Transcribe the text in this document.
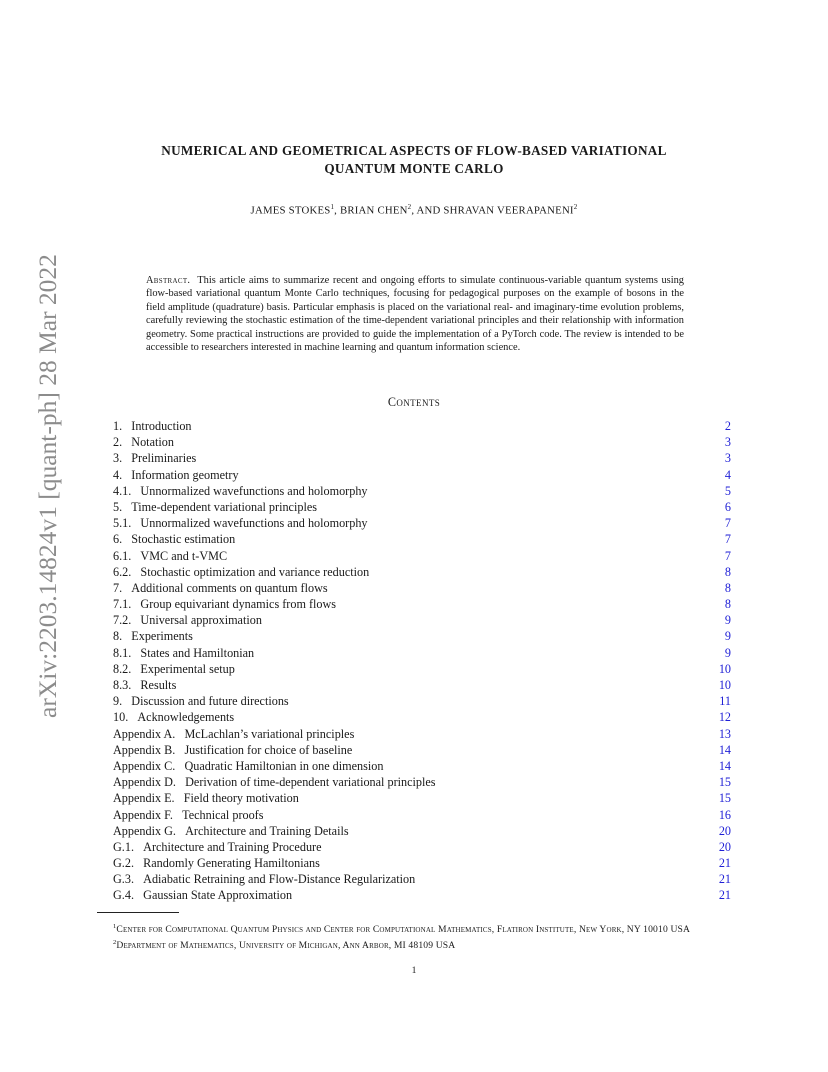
arXiv:2203.14824v1 [quant-ph] 28 Mar 2022
NUMERICAL AND GEOMETRICAL ASPECTS OF FLOW-BASED VARIATIONAL
QUANTUM MONTE CARLO
JAMES STOKES$^1$, BRIAN CHEN$^2$, AND SHRAVAN VEERAPANENI$^2$
Abstract. This article aims to summarize recent and ongoing efforts to simulate continuous-variable quantum systems using flow-based variational quantum Monte Carlo techniques, focusing for pedagogical purposes on the example of bosons in the field amplitude (quadrature) basis. Particular emphasis is placed on the variational real- and imaginary-time evolution problems, carefully reviewing the stochastic estimation of the time-dependent variational principles and their relationship with information geometry. Some practical instructions are provided to guide the implementation of a PyTorch code. The review is intended to be accessible to researchers interested in machine learning and quantum information science.
Contents
1. Introduction	2
2. Notation	3
3. Preliminaries	3
4. Information geometry	4
4.1. Unnormalized wavefunctions and holomorphy	5
5. Time-dependent variational principles	6
5.1. Unnormalized wavefunctions and holomorphy	7
6. Stochastic estimation	7
6.1. VMC and t-VMC	7
6.2. Stochastic optimization and variance reduction	8
7. Additional comments on quantum flows	8
7.1. Group equivariant dynamics from flows	8
7.2. Universal approximation	9
8. Experiments	9
8.1. States and Hamiltonian	9
8.2. Experimental setup	10
8.3. Results	10
9. Discussion and future directions	11
10. Acknowledgements	12
Appendix A. McLachlan’s variational principles	13
Appendix B. Justification for choice of baseline	14
Appendix C. Quadratic Hamiltonian in one dimension	14
Appendix D. Derivation of time-dependent variational principles	15
Appendix E. Field theory motivation	15
Appendix F. Technical proofs	16
Appendix G. Architecture and Training Details	20
G.1. Architecture and Training Procedure	20
G.2. Randomly Generating Hamiltonians	21
G.3. Adiabatic Retraining and Flow-Distance Regularization	21
G.4. Gaussian State Approximation	21

$^1$Center for Computational Quantum Physics and Center for Computational Mathematics, Flatiron Institute, New York, NY 10010 USA

$^2$Department of Mathematics, University of Michigan, Ann Arbor, MI 48109 USA

1
